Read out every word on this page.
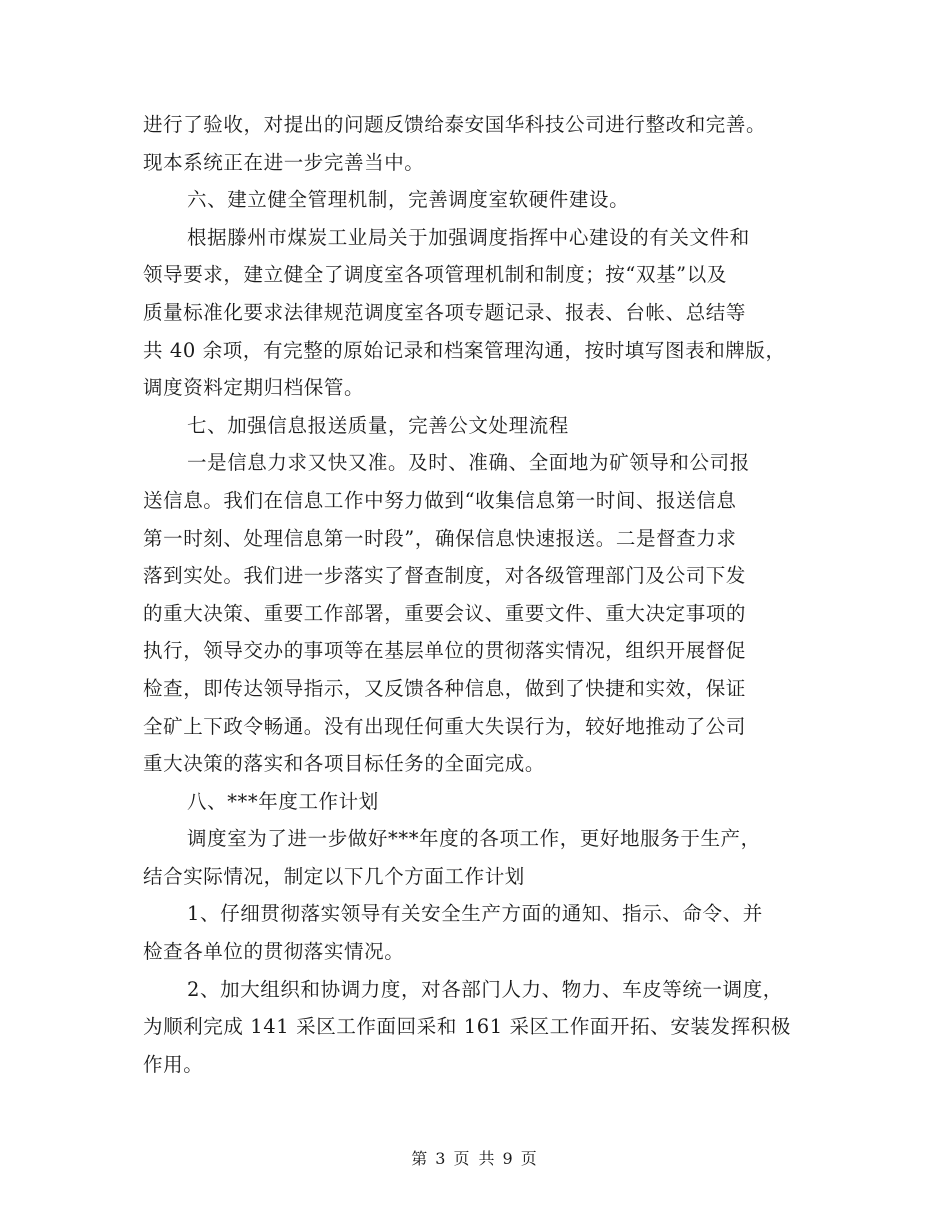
进行了验收，对提出的问题反馈给泰安国华科技公司进行整改和完善。
现本系统正在进一步完善当中。
六、建立健全管理机制，完善调度室软硬件建设。
根据滕州市煤炭工业局关于加强调度指挥中心建设的有关文件和
领导要求，建立健全了调度室各项管理机制和制度；按“双基”以及
质量标准化要求法律规范调度室各项专题记录、报表、台帐、总结等
共 40 余项，有完整的原始记录和档案管理沟通，按时填写图表和牌版，
调度资料定期归档保管。
七、加强信息报送质量，完善公文处理流程
一是信息力求又快又准。及时、准确、全面地为矿领导和公司报
送信息。我们在信息工作中努力做到“收集信息第一时间、报送信息
第一时刻、处理信息第一时段”，确保信息快速报送。二是督查力求
落到实处。我们进一步落实了督查制度，对各级管理部门及公司下发
的重大决策、重要工作部署，重要会议、重要文件、重大决定事项的
执行，领导交办的事项等在基层单位的贯彻落实情况，组织开展督促
检查，即传达领导指示，又反馈各种信息，做到了快捷和实效，保证
全矿上下政令畅通。没有出现任何重大失误行为，较好地推动了公司
重大决策的落实和各项目标任务的全面完成。
八、***年度工作计划
调度室为了进一步做好***年度的各项工作，更好地服务于生产，
结合实际情况，制定以下几个方面工作计划
1、仔细贯彻落实领导有关安全生产方面的通知、指示、命令、并
检查各单位的贯彻落实情况。
2、加大组织和协调力度，对各部门人力、物力、车皮等统一调度，
为顺利完成 141 采区工作面回采和 161 采区工作面开拓、安装发挥积极
作用。
第 3 页 共 9 页
